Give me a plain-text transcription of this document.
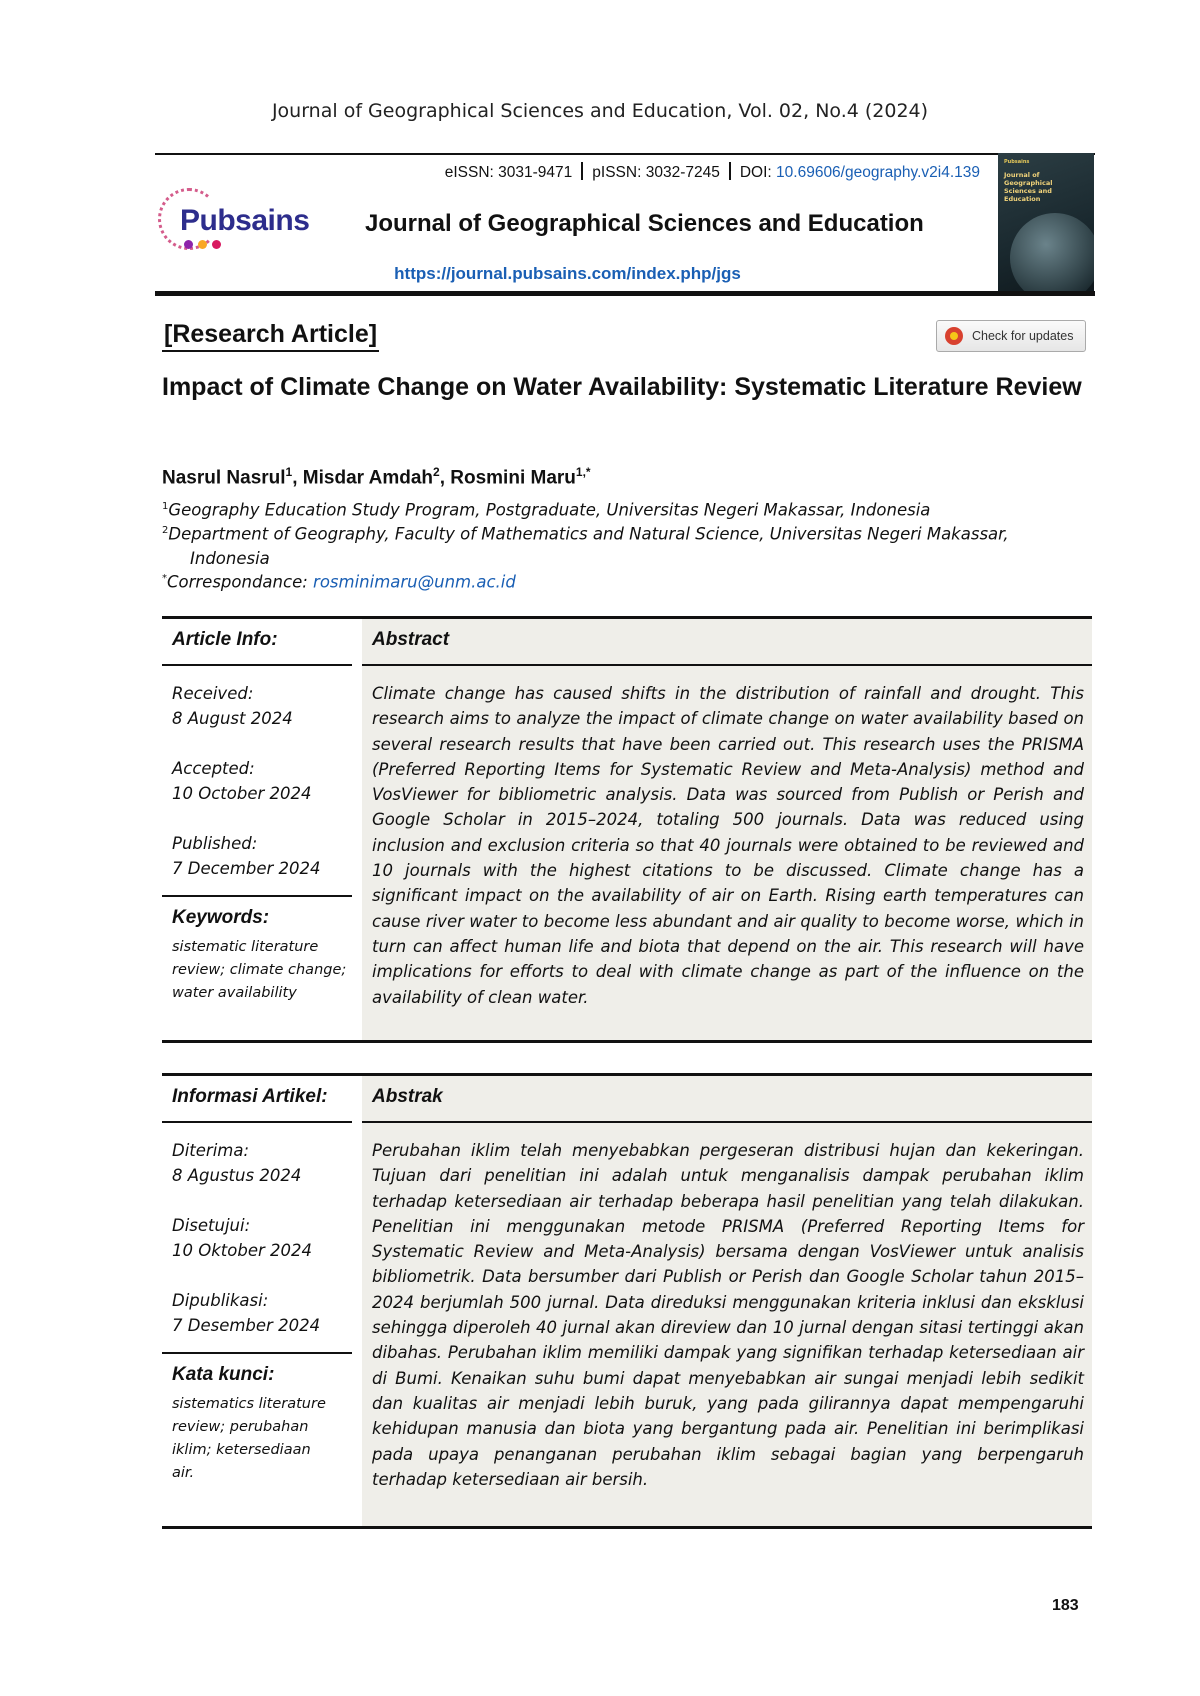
Journal of Geographical Sciences and Education, Vol. 02, No.4 (2024)
eISSN: 3031-9471 pISSN: 3032-7245 DOI: 10.69606/geography.v2i4.139
Pubsains Journal of Geographical Sciences and Education
https://journal.pubsains.com/index.php/jgs
Pubsains
Journal of Geographical Sciences and Education
[Research Article]	Check for updates
Impact of Climate Change on Water Availability: Systematic Literature Review
Nasrul Nasrul$^1$, Misdar Amdah$^2$, Rosmini Maru$^{1,*}$
$^1$Geography Education Study Program, Postgraduate, Universitas Negeri Makassar, Indonesia
$^2$Department of Geography, Faculty of Mathematics and Natural Science, Universitas Negeri Makassar,
Indonesia
*Correspondance: rosminimaru@unm.ac.id
Abstract
Climate change has caused shifts in the distribution of rainfall and drought. This research aims to analyze the impact of climate change on water availability based on several research results that have been carried out. This research uses the PRISMA (Preferred Reporting Items for Systematic Review and Meta-Analysis) method and VosViewer for bibliometric analysis. Data was sourced from Publish or Perish and Google Scholar in 2015–2024, totaling 500 journals. Data was reduced using inclusion and exclusion criteria so that 40 journals were obtained to be reviewed and 10 journals with the highest citations to be discussed. Climate change has a significant impact on the availability of air on Earth. Rising earth temperatures can cause river water to become less abundant and air quality to become worse, which in turn can affect human life and biota that depend on the air. This research will have implications for efforts to deal with climate change as part of the influence on the availability of clean water.
Article Info:

Received:

8 August 2024

Accepted:

10 October 2024

Published:

7 December 2024

Keywords:
sistematic literature review; climate change; water availability
Abstrak
Perubahan iklim telah menyebabkan pergeseran distribusi hujan dan kekeringan. Tujuan dari penelitian ini adalah untuk menganalisis dampak perubahan iklim terhadap ketersediaan air terhadap beberapa hasil penelitian yang telah dilakukan. Penelitian ini menggunakan metode PRISMA (Preferred Reporting Items for Systematic Review and Meta-Analysis) bersama dengan VosViewer untuk analisis bibliometrik. Data bersumber dari Publish or Perish dan Google Scholar tahun 2015–2024 berjumlah 500 jurnal. Data direduksi menggunakan kriteria inklusi dan eksklusi sehingga diperoleh 40 jurnal akan direview dan 10 jurnal dengan sitasi tertinggi akan dibahas. Perubahan iklim memiliki dampak yang signifikan terhadap ketersediaan air di Bumi. Kenaikan suhu bumi dapat menyebabkan air sungai menjadi lebih sedikit dan kualitas air menjadi lebih buruk, yang pada gilirannya dapat mempengaruhi kehidupan manusia dan biota yang bergantung pada air. Penelitian ini berimplikasi pada upaya penanganan perubahan iklim sebagai bagian yang berpengaruh terhadap ketersediaan air bersih.
Informasi Artikel:

Diterima:

8 Agustus 2024

Disetujui:

10 Oktober 2024

Dipublikasi:

7 Desember 2024

Kata kunci:
sistematics literature review; perubahan iklim; ketersediaan air.
183
